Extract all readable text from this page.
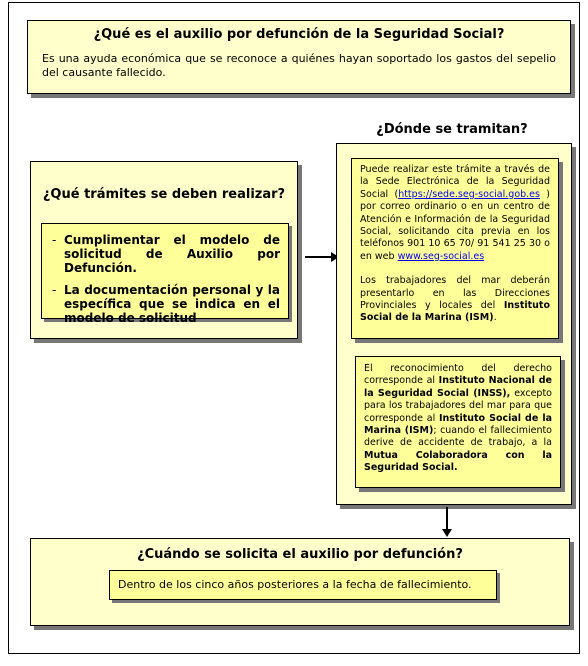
¿Qué es el auxilio por defunción de la Seguridad Social?
Es una ayuda económica que se reconoce a quiénes hayan soportado los gastos del sepelio del causante fallecido.
¿Dónde se tramitan?
¿Qué trámites se deben realizar?
- Cumplimentar el modelo de solicitud de Auxilio por Defunción.
- La documentación personal y la específica que se indica en el modelo de solicitud
Puede realizar este trámite a través de la Sede Electrónica de la Seguridad Social (https://sede.seg-social.gob.es ) por correo ordinario o en un centro de Atención e Información de la Seguridad Social, solicitando cita previa en los teléfonos 901 10 65 70/ 91 541 25 30 o en web www.seg-social.es
Los trabajadores del mar deberán presentarlo en las Direcciones Provinciales y locales del Instituto Social de la Marina (ISM).
El reconocimiento del derecho corresponde al Instituto Nacional de la Seguridad Social (INSS), excepto para los trabajadores del mar para que corresponde al Instituto Social de la Marina (ISM); cuando el fallecimiento derive de accidente de trabajo, a la Mutua Colaboradora con la Seguridad Social.
¿Cuándo se solicita el auxilio por defunción?
Dentro de los cinco años posteriores a la fecha de fallecimiento.
